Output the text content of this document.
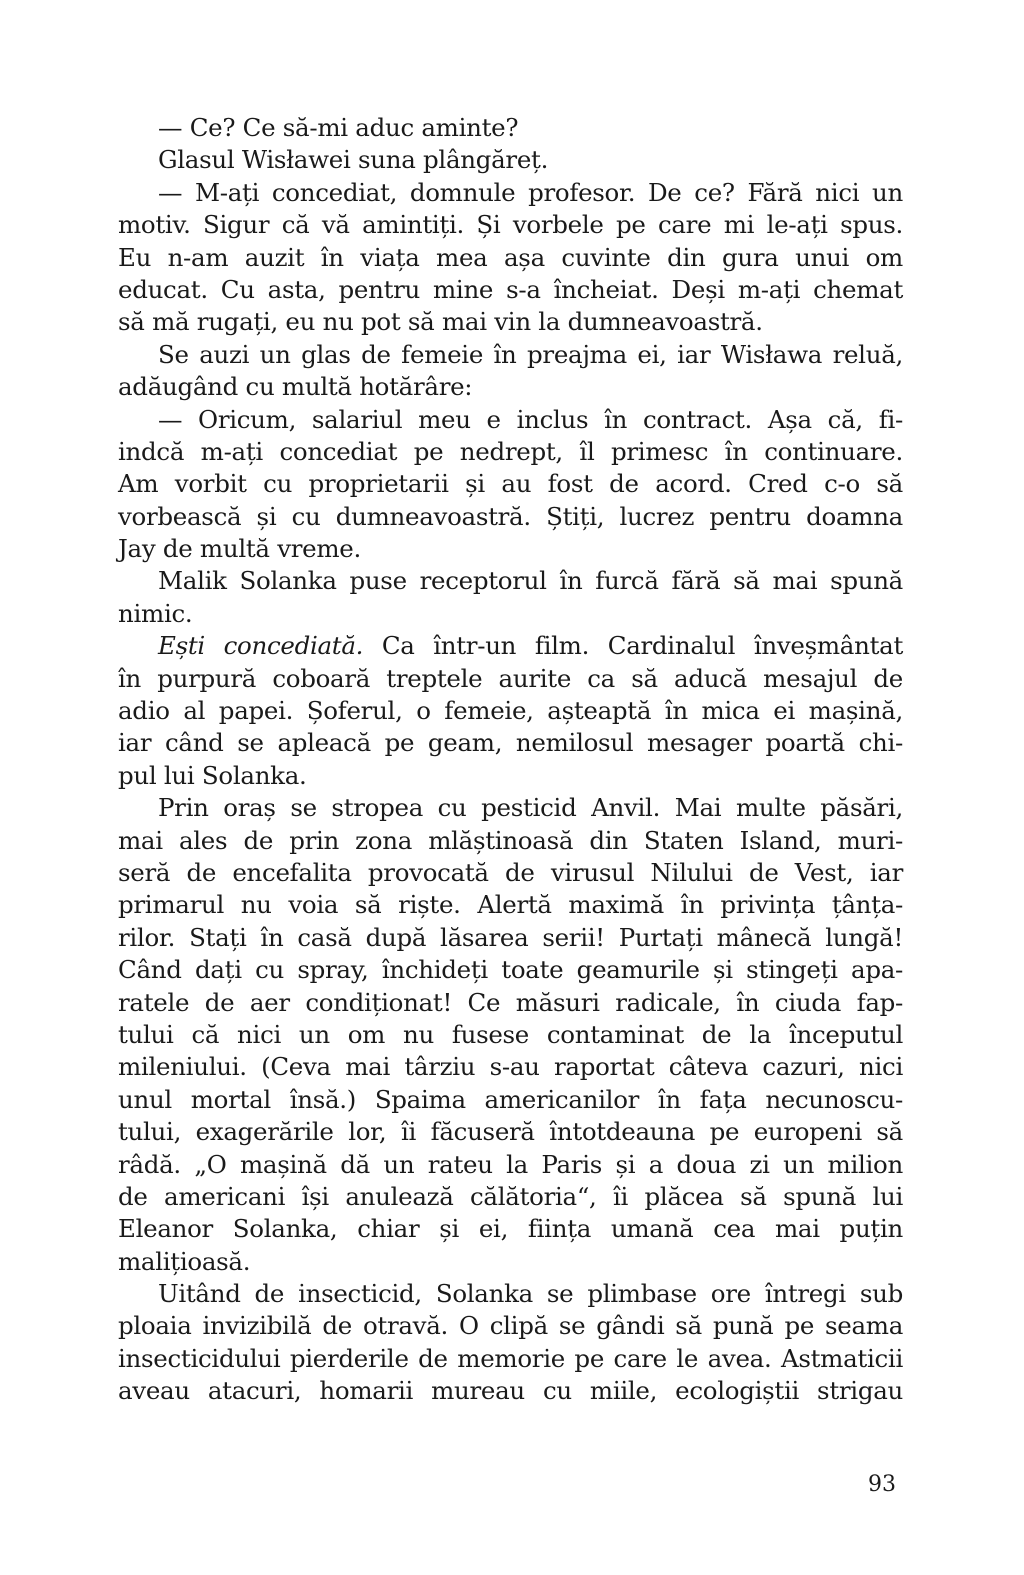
— Ce? Ce să-mi aduc aminte?
Glasul Wisławei suna plângăreț.
— M-ați concediat, domnule profesor. De ce? Fără nici un
motiv. Sigur că vă amintiți. Și vorbele pe care mi le-ați spus.
Eu n-am auzit în viața mea așa cuvinte din gura unui om
educat. Cu asta, pentru mine s-a încheiat. Deși m-ați chemat
să mă rugați, eu nu pot să mai vin la dumneavoastră.
Se auzi un glas de femeie în preajma ei, iar Wisława reluă,
adăugând cu multă hotărâre:
— Oricum, salariul meu e inclus în contract. Așa că, fi-
indcă m-ați concediat pe nedrept, îl primesc în continuare.
Am vorbit cu proprietarii și au fost de acord. Cred c-o să
vorbească și cu dumneavoastră. Știți, lucrez pentru doamna
Jay de multă vreme.
Malik Solanka puse receptorul în furcă fără să mai spună
nimic.
Ești concediată. Ca într-un film. Cardinalul înveșmântat
în purpură coboară treptele aurite ca să aducă mesajul de
adio al papei. Șoferul, o femeie, așteaptă în mica ei mașină,
iar când se apleacă pe geam, nemilosul mesager poartă chi-
pul lui Solanka.
Prin oraș se stropea cu pesticid Anvil. Mai multe păsări,
mai ales de prin zona mlăștinoasă din Staten Island, muri-
seră de encefalita provocată de virusul Nilului de Vest, iar
primarul nu voia să riște. Alertă maximă în privința țânța-
rilor. Stați în casă după lăsarea serii! Purtați mânecă lungă!
Când dați cu spray, închideți toate geamurile și stingeți apa-
ratele de aer condiționat! Ce măsuri radicale, în ciuda fap-
tului că nici un om nu fusese contaminat de la începutul
mileniului. (Ceva mai târziu s-au raportat câteva cazuri, nici
unul mortal însă.) Spaima americanilor în fața necunoscu-
tului, exagerările lor, îi făcuseră întotdeauna pe europeni să
râdă. „O mașină dă un rateu la Paris și a doua zi un milion
de americani își anulează călătoria“, îi plăcea să spună lui
Eleanor Solanka, chiar și ei, ființa umană cea mai puțin
malițioasă.
Uitând de insecticid, Solanka se plimbase ore întregi sub
ploaia invizibilă de otravă. O clipă se gândi să pună pe seama
insecticidului pierderile de memorie pe care le avea. Astmaticii
aveau atacuri, homarii mureau cu miile, ecologiștii strigau
93
